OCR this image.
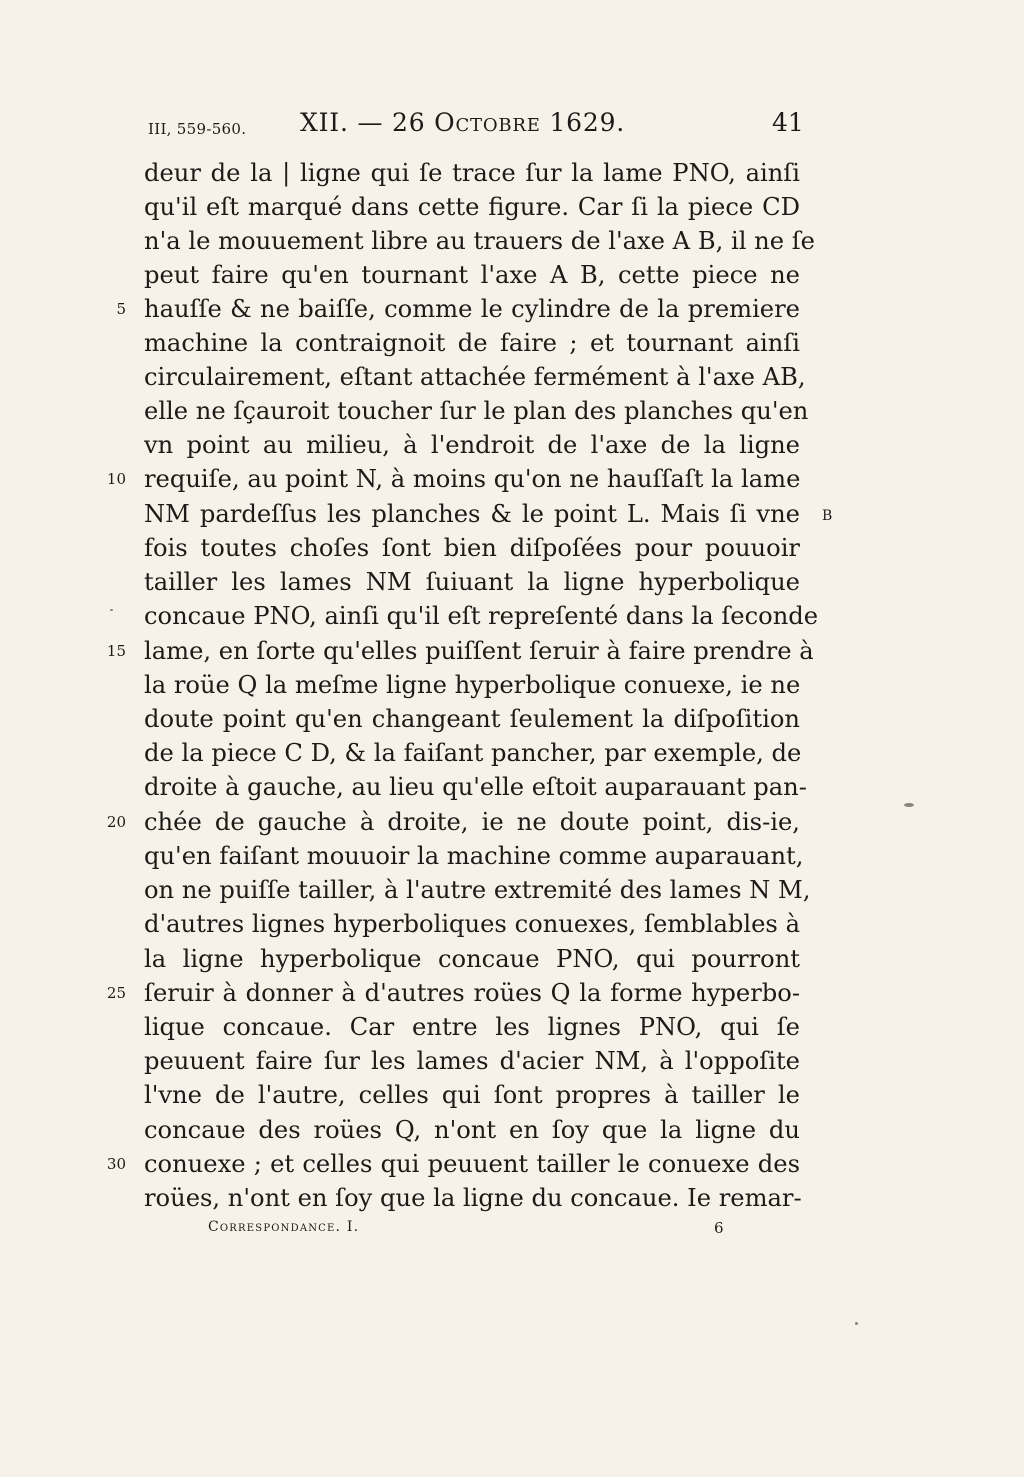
III, 559-560. XII. — 26 Octobre 1629.	41
deur de la | ligne qui ſe trace ſur la lame PNO, ainſi
qu'il eſt marqué dans cette figure. Car ſi la piece CD
n'a le mouuement libre au trauers de l'axe A B, il ne ſe
peut faire qu'en tournant l'axe A B, cette piece ne
hauſſe & ne baiſſe, comme le cylindre de la premiere
machine la contraignoit de faire ; et tournant ainſi
circulairement, eſtant attachée fermément à l'axe AB,
elle ne ſçauroit toucher ſur le plan des planches qu'en
vn point au milieu, à l'endroit de l'axe de la ligne
requiſe, au point N, à moins qu'on ne hauſſaſt la lame
NM pardeſſus les planches & le point L. Mais ſi vne
fois toutes choſes ſont bien diſpoſées pour pouuoir
tailler les lames NM ſuiuant la ligne hyperbolique
concaue PNO, ainſi qu'il eſt repreſenté dans la ſeconde
lame, en ſorte qu'elles puiſſent ſeruir à faire prendre à
la roüe Q la meſme ligne hyperbolique conuexe, ie ne
doute point qu'en changeant ſeulement la diſpoſition
de la piece C D, & la faiſant pancher, par exemple, de
droite à gauche, au lieu qu'elle eſtoit auparauant pan-
chée de gauche à droite, ie ne doute point, dis-ie,
qu'en faiſant mouuoir la machine comme auparauant,
on ne puiſſe tailler, à l'autre extremité des lames N M,
d'autres lignes hyperboliques conuexes, ſemblables à
la ligne hyperbolique concaue PNO, qui pourront
ſeruir à donner à d'autres roües Q la forme hyperbo-
lique concaue. Car entre les lignes PNO, qui ſe
peuuent faire ſur les lames d'acier NM, à l'oppoſite
l'vne de l'autre, celles qui ſont propres à tailler le
concaue des roües Q, n'ont en ſoy que la ligne du
conuexe ; et celles qui peuuent tailler le conuexe des
roües, n'ont en ſoy que la ligne du concaue. Ie remar-
5
10
15
20
25
30
B
Correspondance. I.	6
